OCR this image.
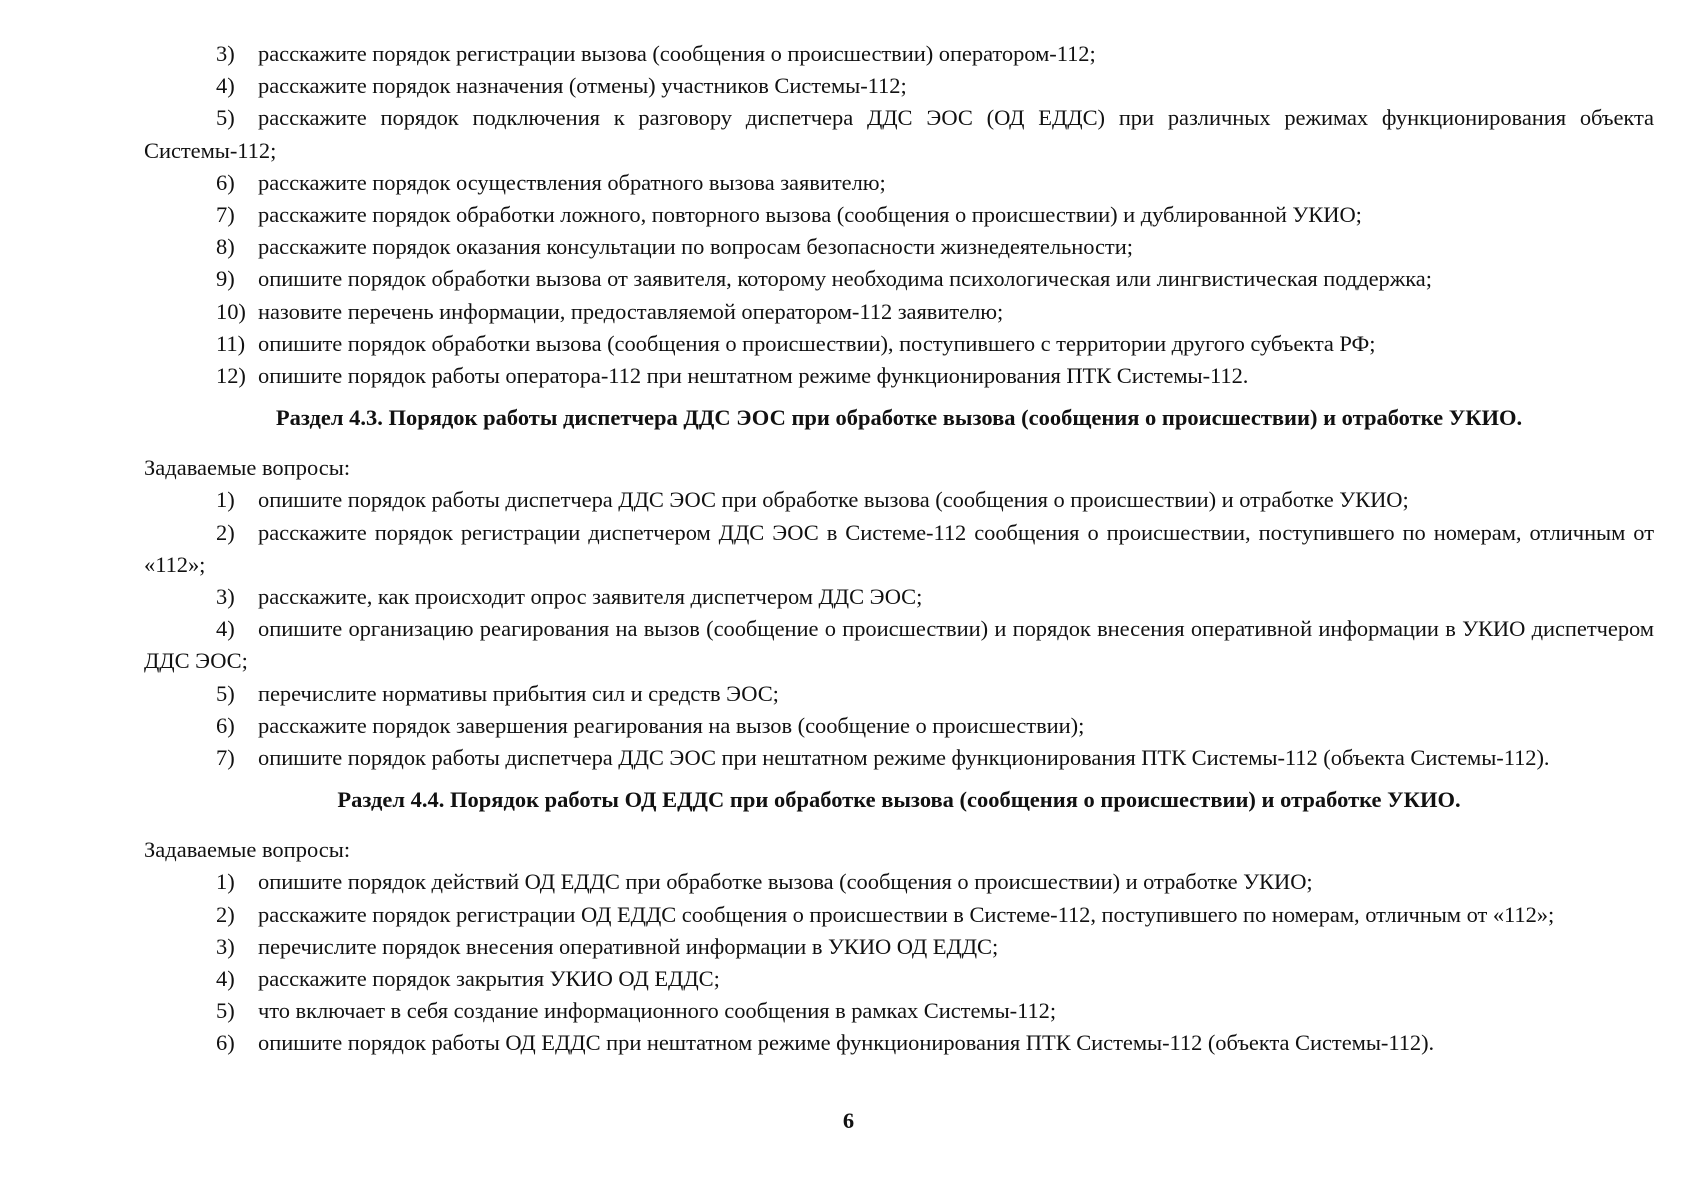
3) расскажите порядок регистрации вызова (сообщения о происшествии) оператором-112;

4) расскажите порядок назначения (отмены) участников Системы-112;

5) расскажите порядок подключения к разговору диспетчера ДДС ЭОС (ОД ЕДДС) при различных режимах функционирования объекта Системы-112;

6) расскажите порядок осуществления обратного вызова заявителю;

7) расскажите порядок обработки ложного, повторного вызова (сообщения о происшествии) и дублированной УКИО;

8) расскажите порядок оказания консультации по вопросам безопасности жизнедеятельности;

9) опишите порядок обработки вызова от заявителя, которому необходима психологическая или лингвистическая поддержка;

10) назовите перечень информации, предоставляемой оператором-112 заявителю;

11) опишите порядок обработки вызова (сообщения о происшествии), поступившего с территории другого субъекта РФ;

12) опишите порядок работы оператора-112 при нештатном режиме функционирования ПТК Системы-112.

Раздел 4.3. Порядок работы диспетчера ДДС ЭОС при обработке вызова (сообщения о происшествии) и отработке УКИО.

Задаваемые вопросы:

1) опишите порядок работы диспетчера ДДС ЭОС при обработке вызова (сообщения о происшествии) и отработке УКИО;

2) расскажите порядок регистрации диспетчером ДДС ЭОС в Системе-112 сообщения о происшествии, поступившего по номерам, отличным от «112»;

3) расскажите, как происходит опрос заявителя диспетчером ДДС ЭОС;

4) опишите организацию реагирования на вызов (сообщение о происшествии) и порядок внесения оперативной информации в УКИО диспетчером ДДС ЭОС;

5) перечислите нормативы прибытия сил и средств ЭОС;

6) расскажите порядок завершения реагирования на вызов (сообщение о происшествии);

7) опишите порядок работы диспетчера ДДС ЭОС при нештатном режиме функционирования ПТК Системы-112 (объекта Системы-112).

Раздел 4.4. Порядок работы ОД ЕДДС при обработке вызова (сообщения о происшествии) и отработке УКИО.

Задаваемые вопросы:

1) опишите порядок действий ОД ЕДДС при обработке вызова (сообщения о происшествии) и отработке УКИО;

2) расскажите порядок регистрации ОД ЕДДС сообщения о происшествии в Системе-112, поступившего по номерам, отличным от «112»;

3) перечислите порядок внесения оперативной информации в УКИО ОД ЕДДС;

4) расскажите порядок закрытия УКИО ОД ЕДДС;

5) что включает в себя создание информационного сообщения в рамках Системы-112;

6) опишите порядок работы ОД ЕДДС при нештатном режиме функционирования ПТК Системы-112 (объекта Системы-112).

6
